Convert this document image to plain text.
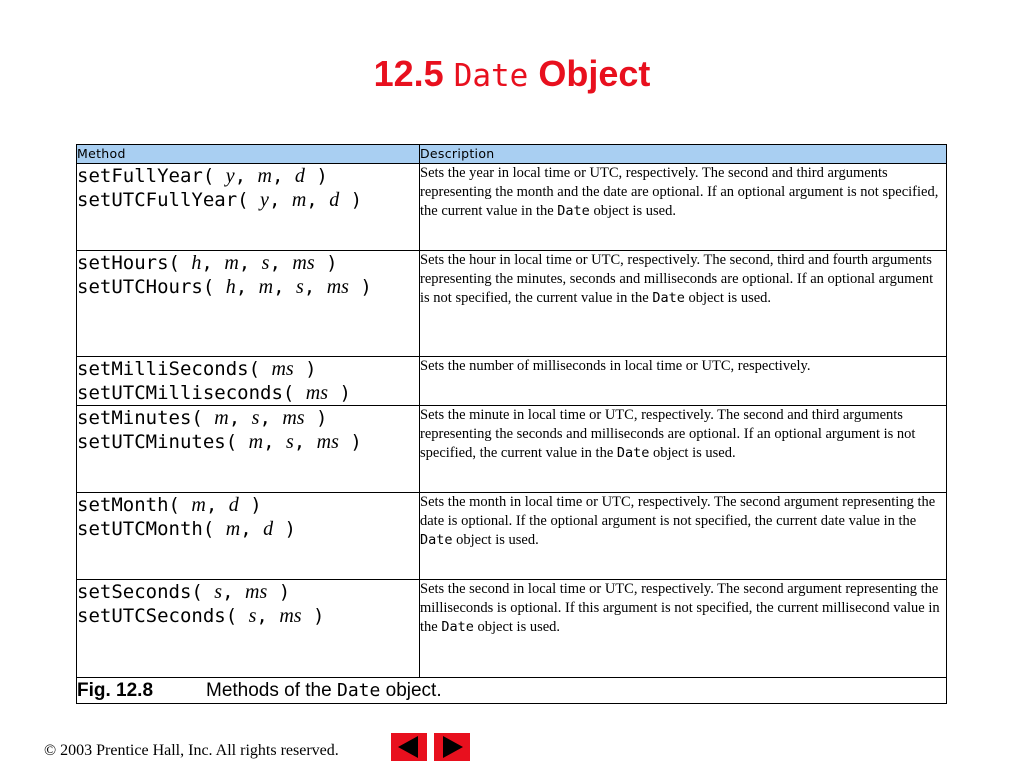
12.5 Date Object
Method	Description

setFullYear( y, m, d )
setUTCFullYear( y, m, d )	Sets the year in local time or UTC, respectively. The second and third arguments representing the month and the date are optional. If an optional argument is not specified, the current value in the Date object is used.

setHours( h, m, s, ms )
setUTCHours( h, m, s, ms )	Sets the hour in local time or UTC, respectively. The second, third and fourth arguments representing the minutes, seconds and milliseconds are optional. If an optional argument is not specified, the current value in the Date object is used.

setMilliSeconds( ms )
setUTCMilliseconds( ms )	Sets the number of milliseconds in local time or UTC, respectively.

setMinutes( m, s, ms )
setUTCMinutes( m, s, ms )	Sets the minute in local time or UTC, respectively. The second and third arguments representing the seconds and milliseconds are optional. If an optional argument is not specified, the current value in the Date object is used.

setMonth( m, d )
setUTCMonth( m, d )	Sets the month in local time or UTC, respectively. The second argument representing the date is optional. If the optional argument is not specified, the current date value in the Date object is used.

setSeconds( s, ms )
setUTCSeconds( s, ms )	Sets the second in local time or UTC, respectively. The second argument representing the milliseconds is optional. If this argument is not specified, the current millisecond value in the Date object is used.
Fig. 12.8 Methods of the Date object.	
© 2003 Prentice Hall, Inc. All rights reserved.
